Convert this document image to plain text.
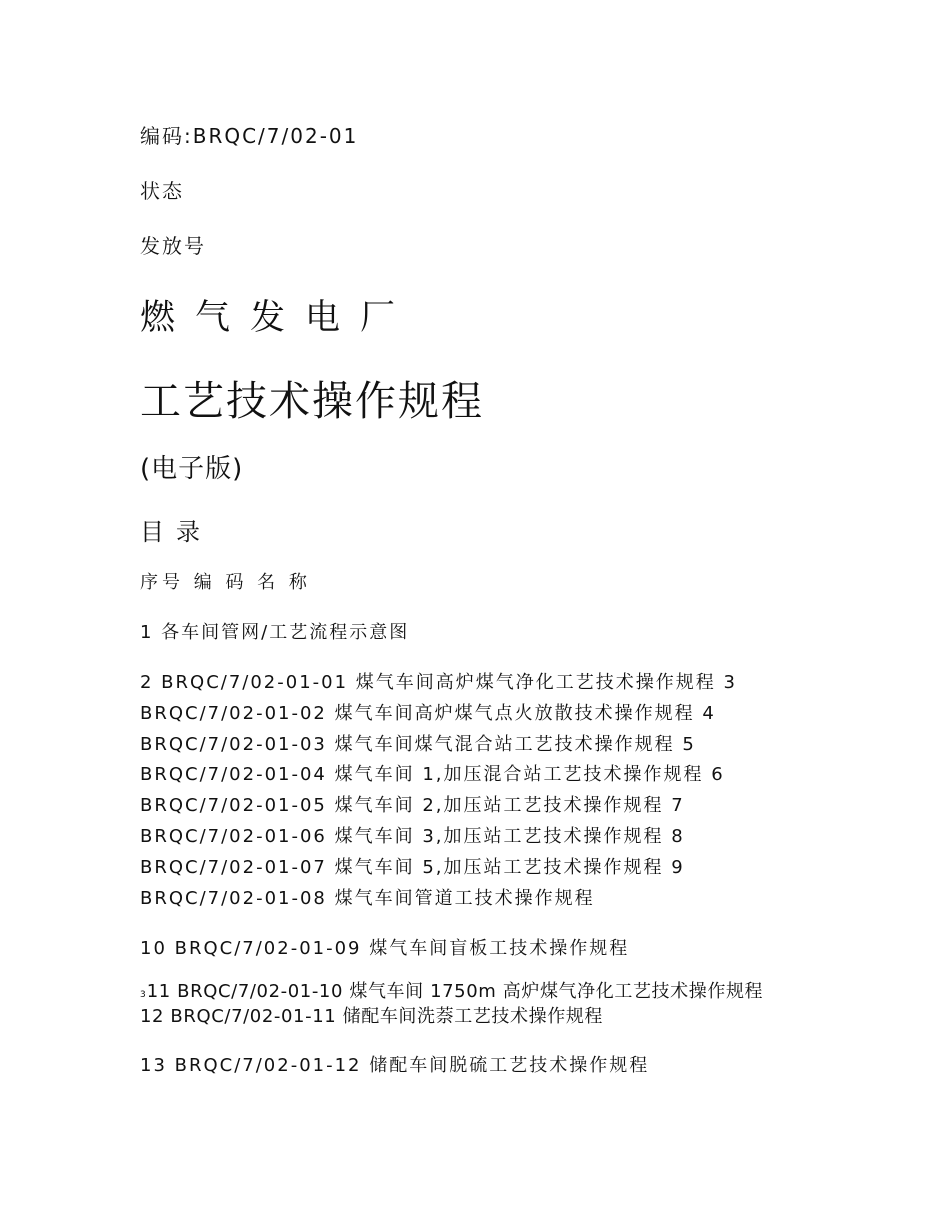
编码:BRQC/7/02-01
状态
发放号
燃气发电厂
工艺技术操作规程
(电子版)
目录
序号 编 码 名 称
1 各车间管网/工艺流程示意图
2 BRQC/7/02-01-01 煤气车间高炉煤气净化工艺技术操作规程 3
BRQC/7/02-01-02 煤气车间高炉煤气点火放散技术操作规程 4
BRQC/7/02-01-03 煤气车间煤气混合站工艺技术操作规程 5
BRQC/7/02-01-04 煤气车间 1,加压混合站工艺技术操作规程 6
BRQC/7/02-01-05 煤气车间 2,加压站工艺技术操作规程 7
BRQC/7/02-01-06 煤气车间 3,加压站工艺技术操作规程 8
BRQC/7/02-01-07 煤气车间 5,加压站工艺技术操作规程 9
BRQC/7/02-01-08 煤气车间管道工技术操作规程
10 BRQC/7/02-01-09 煤气车间盲板工技术操作规程
311 BRQC/7/02-01-10 煤气车间 1750m 高炉煤气净化工艺技术操作规程
12 BRQC/7/02-01-11 储配车间洗萘工艺技术操作规程
13 BRQC/7/02-01-12 储配车间脱硫工艺技术操作规程
